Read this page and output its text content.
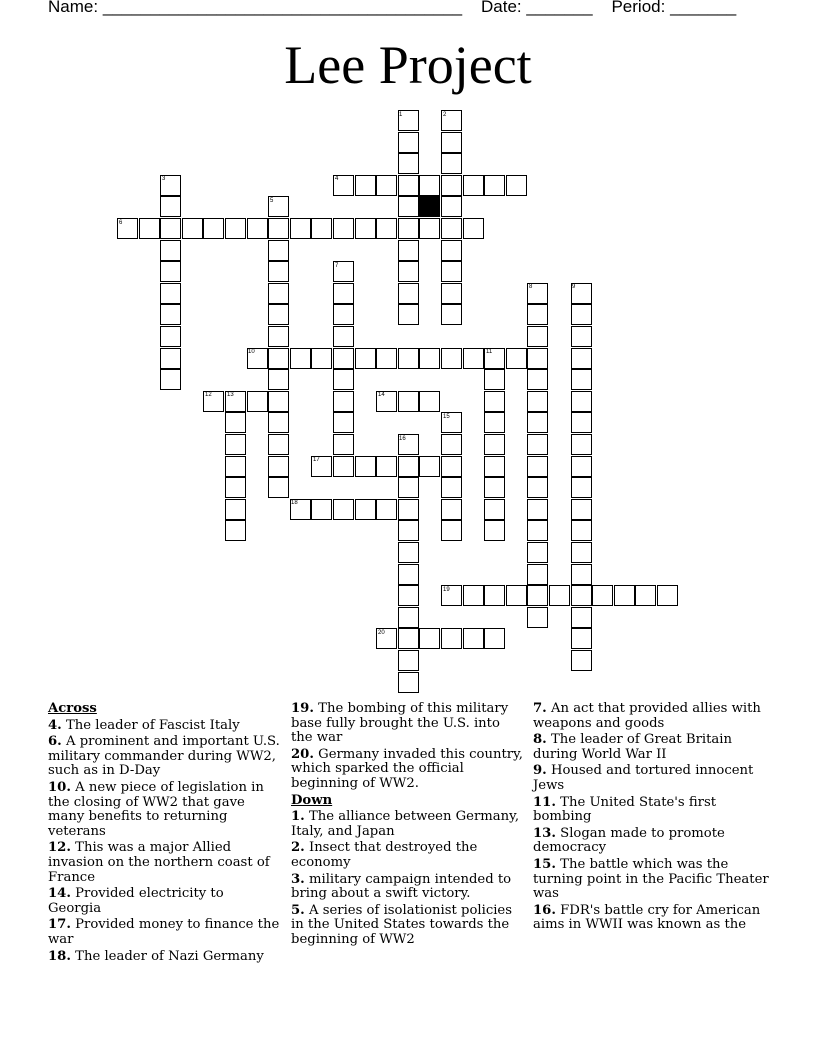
Name: ______________________________________ Date: _______ Period: _______
Lee Project
1	2
3	4
5
6
7
8	9
10	11
12	13	14
15
16
17
18
19
20
Across
4. The leader of Fascist Italy
6. A prominent and important U.S. military commander during WW2, such as in D-Day
10. A new piece of legislation in the closing of WW2 that gave many benefits to returning veterans
12. This was a major Allied invasion on the northern coast of France
14. Provided electricity to Georgia
17. Provided money to finance the war
18. The leader of Nazi Germany
19. The bombing of this military base fully brought the U.S. into the war
20. Germany invaded this country, which sparked the official beginning of WW2.
Down
1. The alliance between Germany, Italy, and Japan
2. Insect that destroyed the economy
3. military campaign intended to bring about a swift victory.
5. A series of isolationist policies in the United States towards the beginning of WW2
7. An act that provided allies with weapons and goods
8. The leader of Great Britain during World War II
9. Housed and tortured innocent Jews
11. The United State's first bombing
13. Slogan made to promote democracy
15. The battle which was the turning point in the Pacific Theater was
16. FDR's battle cry for American aims in WWII was known as the
